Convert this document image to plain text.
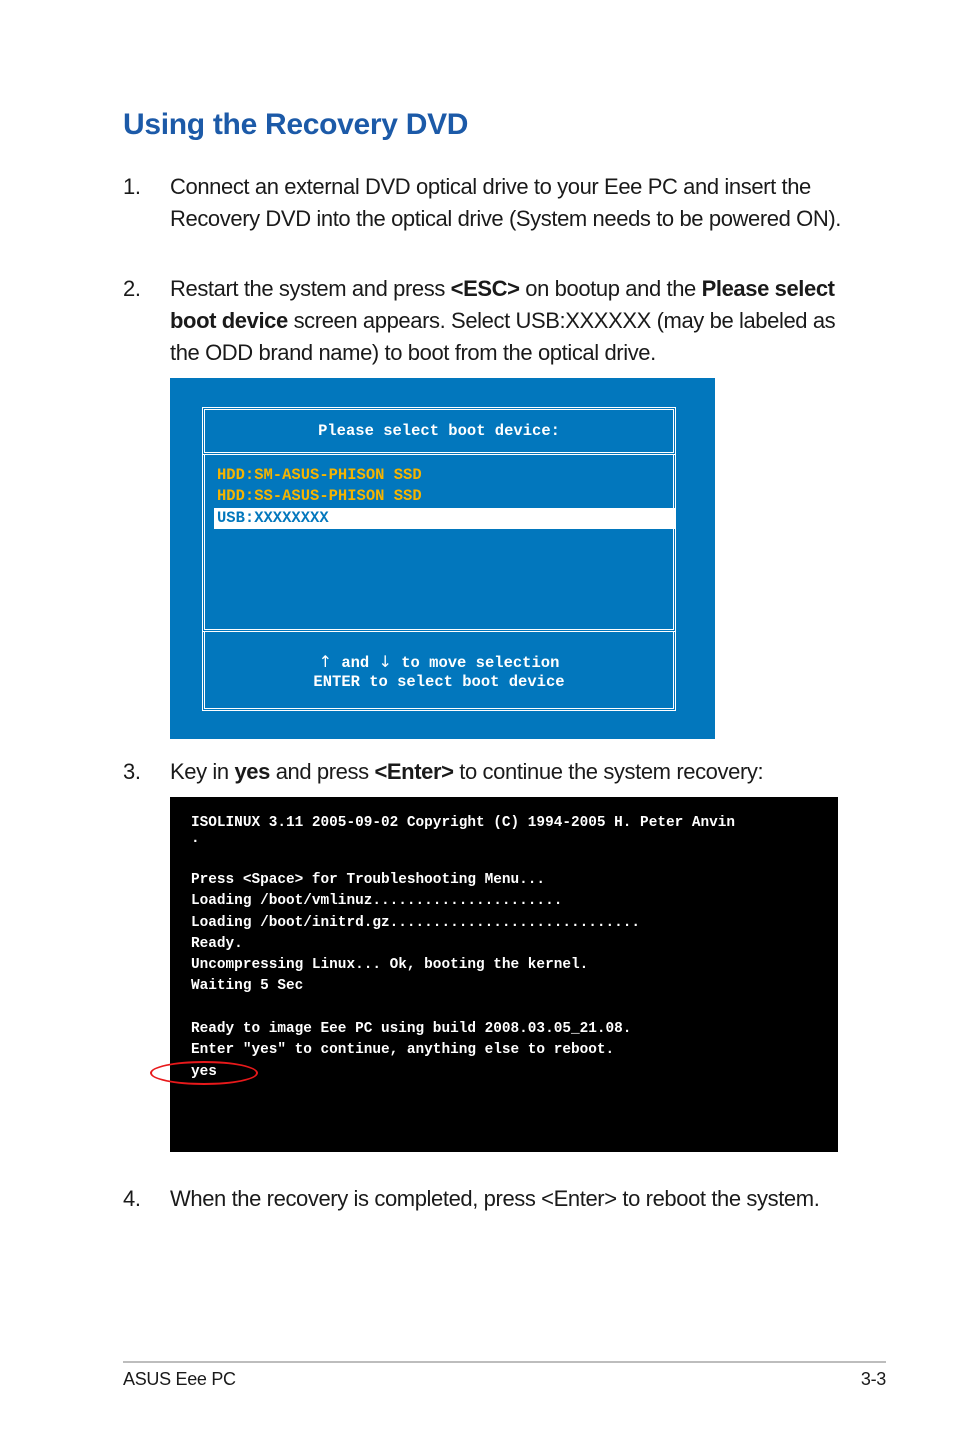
Using the Recovery DVD
1. Connect an external DVD optical drive to your Eee PC and insert the Recovery DVD into the optical drive (System needs to be powered ON).
2. Restart the system and press <ESC> on bootup and the Please select boot device screen appears. Select USB:XXXXXX (may be labeled as the ODD brand name) to boot from the optical drive.
Please select boot device:
HDD:SM-ASUS-PHISON SSD
HDD:SS-ASUS-PHISON SSD
USB:XXXXXXXX
↑ and ↓ to move selection
ENTER to select boot device
3. Key in yes and press <Enter> to continue the system recovery:
ISOLINUX 3.11 2005-09-02 Copyright (C) 1994-2005 H. Peter Anvin
.
Press <Space> for Troubleshooting Menu...
Loading /boot/vmlinuz......................
Loading /boot/initrd.gz.............................
Ready.
Uncompressing Linux... Ok, booting the kernel.
Waiting 5 Sec
Ready to image Eee PC using build 2008.03.05_21.08.
Enter "yes" to continue, anything else to reboot.
yes
4. When the recovery is completed, press <Enter> to reboot the system.
ASUS Eee PC	3-3
